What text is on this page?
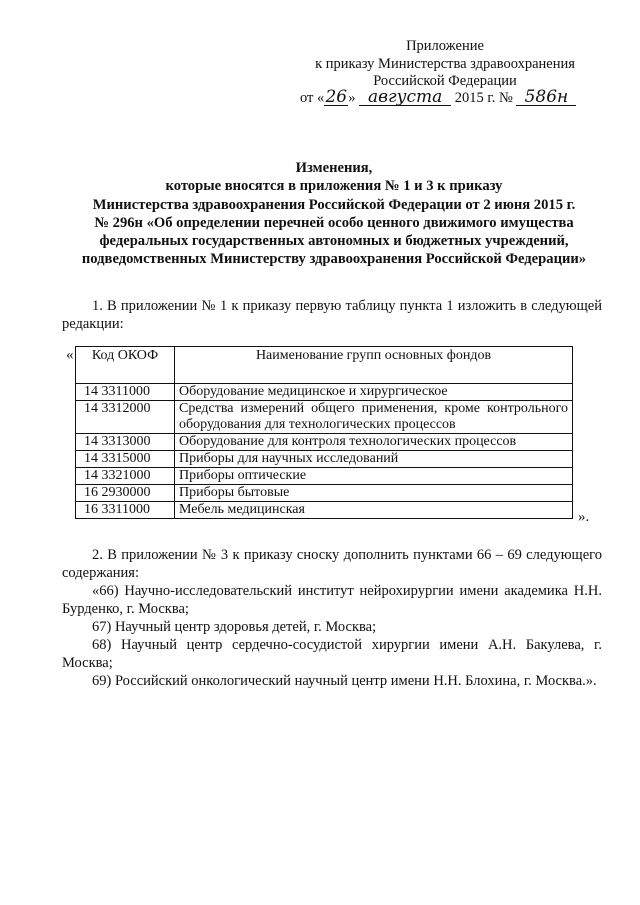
Приложение
к приказу Министерства здравоохранения
Российской Федерации
от «26» августа 2015 г. № 586н
Изменения,
которые вносятся в приложения № 1 и 3 к приказу
Министерства здравоохранения Российской Федерации от 2 июня 2015 г.
№ 296н «Об определении перечней особо ценного движимого имущества
федеральных государственных автономных и бюджетных учреждений,
подведомственных Министерству здравоохранения Российской Федерации»
1. В приложении № 1 к приказу первую таблицу пункта 1 изложить в следующей редакции:
« Код ОКОФ	Наименование групп основных фондов
14 3311000	Оборудование медицинское и хирургическое
14 3312000	Средства измерений общего применения, кроме контрольного оборудования для технологических процессов
14 3313000	Оборудование для контроля технологических процессов
14 3315000	Приборы для научных исследований
14 3321000	Приборы оптические
16 2930000	Приборы бытовые
16 3311000	Мебель медицинская	».
2. В приложении № 3 к приказу сноску дополнить пунктами 66 – 69 следующего содержания:
«66) Научно-исследовательский институт нейрохирургии имени академика Н.Н. Бурденко, г. Москва;
67) Научный центр здоровья детей, г. Москва;
68) Научный центр сердечно-сосудистой хирургии имени А.Н. Бакулева, г. Москва;
69) Российский онкологический научный центр имени Н.Н. Блохина, г. Москва.».
